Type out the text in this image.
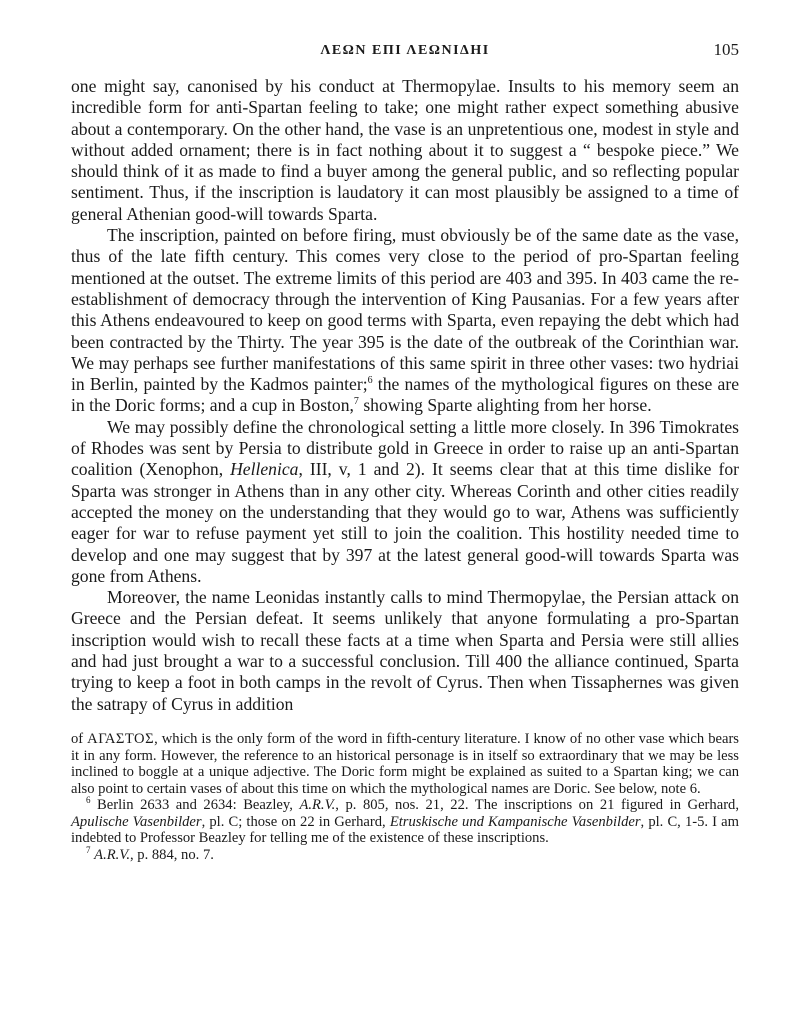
ΛΕΩΝ ΕΠΙ ΛΕΩΝΙΔΗΙ	105

one might say, canonised by his conduct at Thermopylae. Insults to his memory seem an incredible form for anti-Spartan feeling to take; one might rather expect something abusive about a contemporary. On the other hand, the vase is an unpretentious one, modest in style and without added ornament; there is in fact nothing about it to suggest a “ bespoke piece.” We should think of it as made to find a buyer among the general public, and so reflecting popular sentiment. Thus, if the inscription is laudatory it can most plausibly be assigned to a time of general Athenian good-will towards Sparta.

The inscription, painted on before firing, must obviously be of the same date as the vase, thus of the late fifth century. This comes very close to the period of pro-Spartan feeling mentioned at the outset. The extreme limits of this period are 403 and 395. In 403 came the re-establishment of democracy through the intervention of King Pausanias. For a few years after this Athens endeavoured to keep on good terms with Sparta, even repaying the debt which had been contracted by the Thirty. The year 395 is the date of the outbreak of the Corinthian war. We may perhaps see further manifestations of this same spirit in three other vases: two hydriai in Berlin, painted by the Kadmos painter;$^6$ the names of the mythological figures on these are in the Doric forms; and a cup in Boston,$^7$ showing Sparte alighting from her horse.

We may possibly define the chronological setting a little more closely. In 396 Timokrates of Rhodes was sent by Persia to distribute gold in Greece in order to raise up an anti-Spartan coalition (Xenophon, Hellenica, III, v, 1 and 2). It seems clear that at this time dislike for Sparta was stronger in Athens than in any other city. Whereas Corinth and other cities readily accepted the money on the understanding that they would go to war, Athens was sufficiently eager for war to refuse payment yet still to join the coalition. This hostility needed time to develop and one may suggest that by 397 at the latest general good-will towards Sparta was gone from Athens.

Moreover, the name Leonidas instantly calls to mind Thermopylae, the Persian attack on Greece and the Persian defeat. It seems unlikely that anyone formulating a pro-Spartan inscription would wish to recall these facts at a time when Sparta and Persia were still allies and had just brought a war to a successful conclusion. Till 400 the alliance continued, Sparta trying to keep a foot in both camps in the revolt of Cyrus. Then when Tissaphernes was given the satrapy of Cyrus in addition

of ΑΓΑΣΤΟΣ, which is the only form of the word in fifth-century literature. I know of no other vase which bears it in any form. However, the reference to an historical personage is in itself so extraordinary that we may be less inclined to boggle at a unique adjective. The Doric form might be explained as suited to a Spartan king; we can also point to certain vases of about this time on which the mythological names are Doric. See below, note 6.

$^6$ Berlin 2633 and 2634: Beazley, A.R.V., p. 805, nos. 21, 22. The inscriptions on 21 figured in Gerhard, Apulische Vasenbilder, pl. C; those on 22 in Gerhard, Etruskische und Kampanische Vasenbilder, pl. C, 1-5. I am indebted to Professor Beazley for telling me of the existence of these inscriptions.

$^7$ A.R.V., p. 884, no. 7.
